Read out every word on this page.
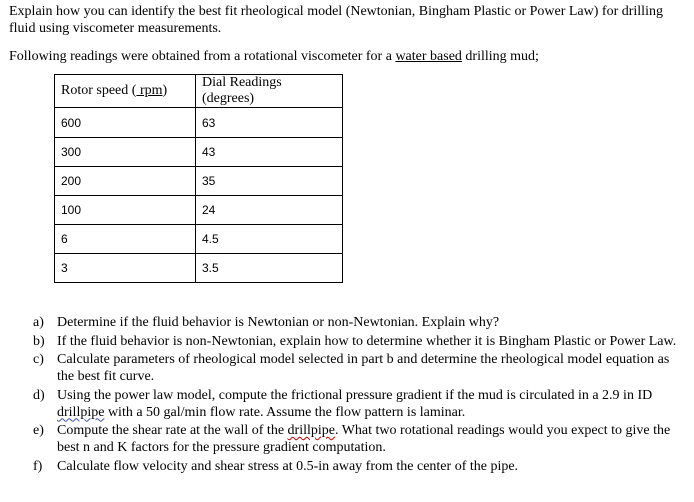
Explain how you can identify the best fit rheological model (Newtonian, Bingham Plastic or Power Law) for drilling fluid using viscometer measurements.
Following readings were obtained from a rotational viscometer for a water based drilling mud;
Rotor speed ( rpm)	Dial Readings (degrees)
600	63
300	43
200	35
100	24
6	4.5
3	3.5
a) Determine if the fluid behavior is Newtonian or non-Newtonian. Explain why?
b) If the fluid behavior is non-Newtonian, explain how to determine whether it is Bingham Plastic or Power Law.
c) Calculate parameters of rheological model selected in part b and determine the rheological model equation as the best fit curve.
d) Using the power law model, compute the frictional pressure gradient if the mud is circulated in a 2.9 in ID drillpipe with a 50 gal/min flow rate. Assume the flow pattern is laminar.
e) Compute the shear rate at the wall of the drillpipe. What two rotational readings would you expect to give the best n and K factors for the pressure gradient computation.
f) Calculate flow velocity and shear stress at 0.5-in away from the center of the pipe.
